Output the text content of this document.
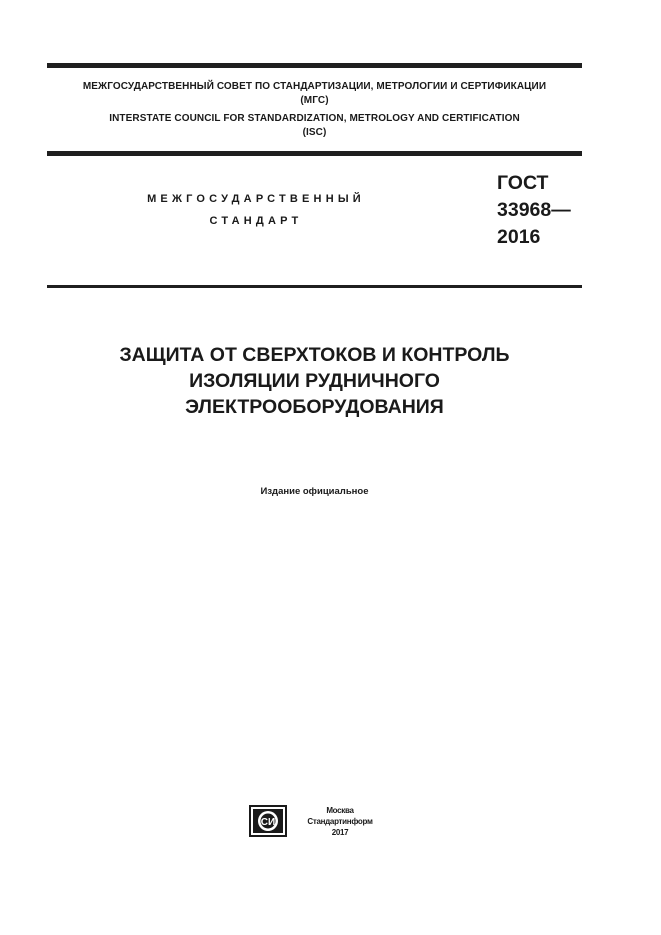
МЕЖГОСУДАРСТВЕННЫЙ СОВЕТ ПО СТАНДАРТИЗАЦИИ, МЕТРОЛОГИИ И СЕРТИФИКАЦИИ
(МГС)
INTERSTATE COUNCIL FOR STANDARDIZATION, METROLOGY AND CERTIFICATION
(ISC)
МЕЖГОСУДАРСТВЕННЫЙ
СТАНДАРТ
ГОСТ
33968—
2016
ЗАЩИТА ОТ СВЕРХТОКОВ И КОНТРОЛЬ
ИЗОЛЯЦИИ РУДНИЧНОГО
ЭЛЕКТРООБОРУДОВАНИЯ
Издание официальное
СИ
Москва
Стандартинформ
2017
